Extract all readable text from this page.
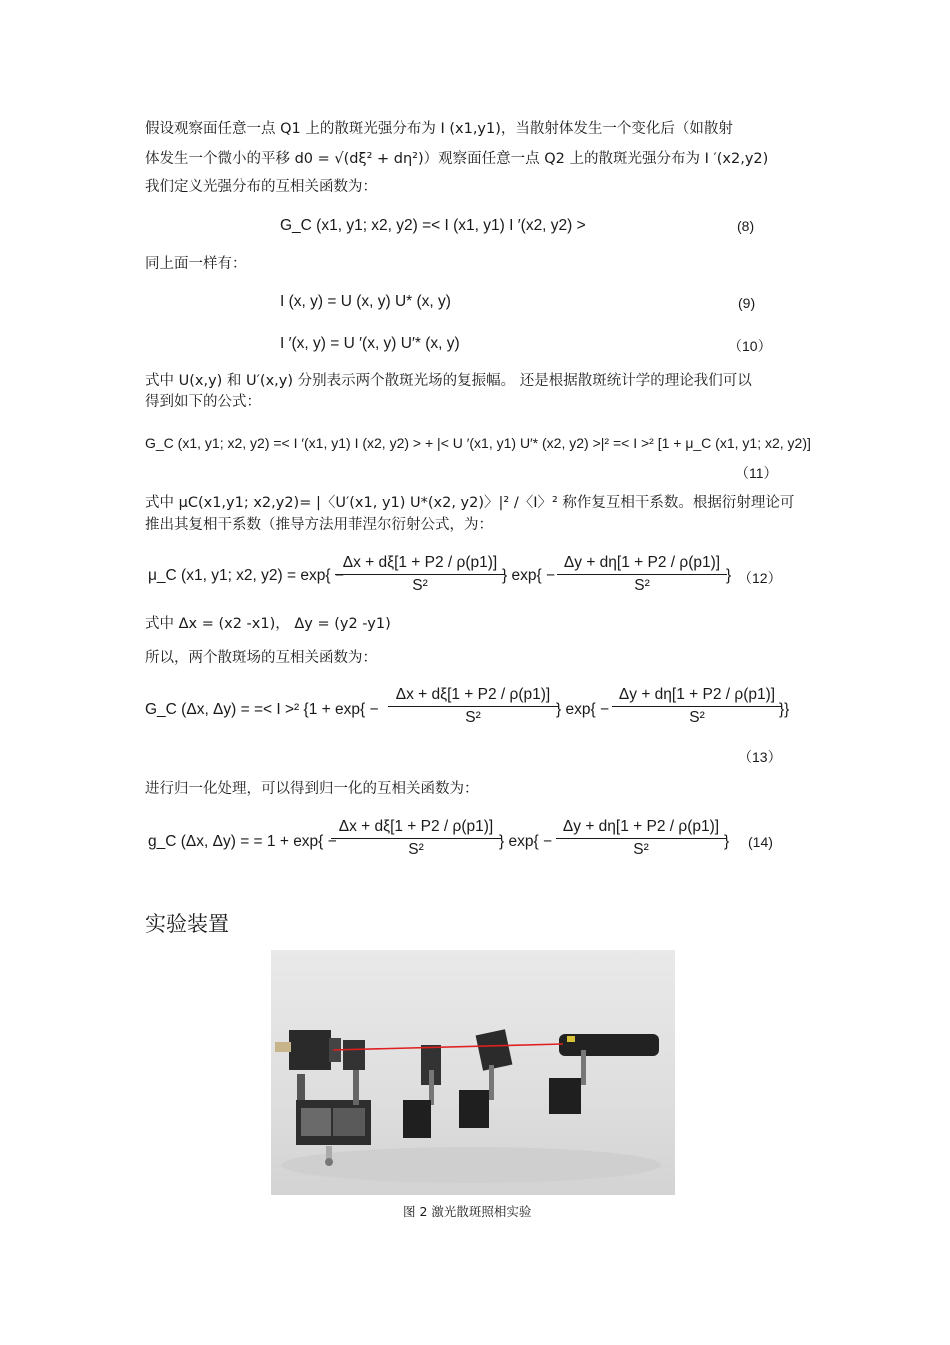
假设观察面任意一点 Q1 上的散斑光强分布为 I (x1,y1)，当散射体发生一个变化后（如散射
体发生一个微小的平移 d0 = √(dξ² + dη²)）观察面任意一点 Q2 上的散斑光强分布为 I ′(x2,y2)
我们定义光强分布的互相关函数为：
G_C (x1, y1; x2, y2) =< I (x1, y1) I ′(x2, y2) >	(8)
同上面一样有：
I (x, y) = U (x, y) U* (x, y)	(9)
I ′(x, y) = U ′(x, y) U′* (x, y)	（10）
式中 U(x,y) 和 U′(x,y) 分别表示两个散斑光场的复振幅。 还是根据散斑统计学的理论我们可以
得到如下的公式：
G_C (x1, y1; x2, y2) =< I ′(x1, y1) I (x2, y2) > + |< U ′(x1, y1) U′* (x2, y2) >|² =< I >² [1 + μ_C (x1, y1; x2, y2)]
（11）
式中 μC(x1,y1; x2,y2)= |〈U′(x1, y1) U*(x2, y2)〉|² /〈I〉² 称作复互相干系数。根据衍射理论可
推出其复相干系数（推导方法用菲涅尔衍射公式，为：
μ_C (x1, y1; x2, y2) = exp{ −
$\frac{\Delta x + d\xi[1 + P2 / \rho(p1)]}{\text{S²}}$
} $\exp\{ - \frac{\Delta y + d\eta[1 + P2 / \rho(p1)]}{\text{S²}}$ } （12）
式中 Δx = (x2 -x1)， Δy = (y2 -y1)
所以，两个散斑场的互相关函数为：
G_C (Δx, Δy) = =< I >² {$1 + \exp\{ - \frac{\Delta x + d\xi[1 + P2 / \rho(p1)]}{\text{S²}}$
} $\exp\{ - \frac{\Delta y + d\eta[1 + P2 / \rho(p1)]}{\text{S²}}$
}}
（13）
进行归一化处理，可以得到归一化的互相关函数为：
g_C (Δx, Δy) = = 1 + exp{ −
$\frac{\Delta x + d\xi[1 + P2 / \rho(p1)]}{\text{S²}}$
} $\exp\{ - \frac{\Delta y + d\eta[1 + P2 / \rho(p1)]}{\text{S²}}$
} (14)
实验装置
图 2 激光散斑照相实验
